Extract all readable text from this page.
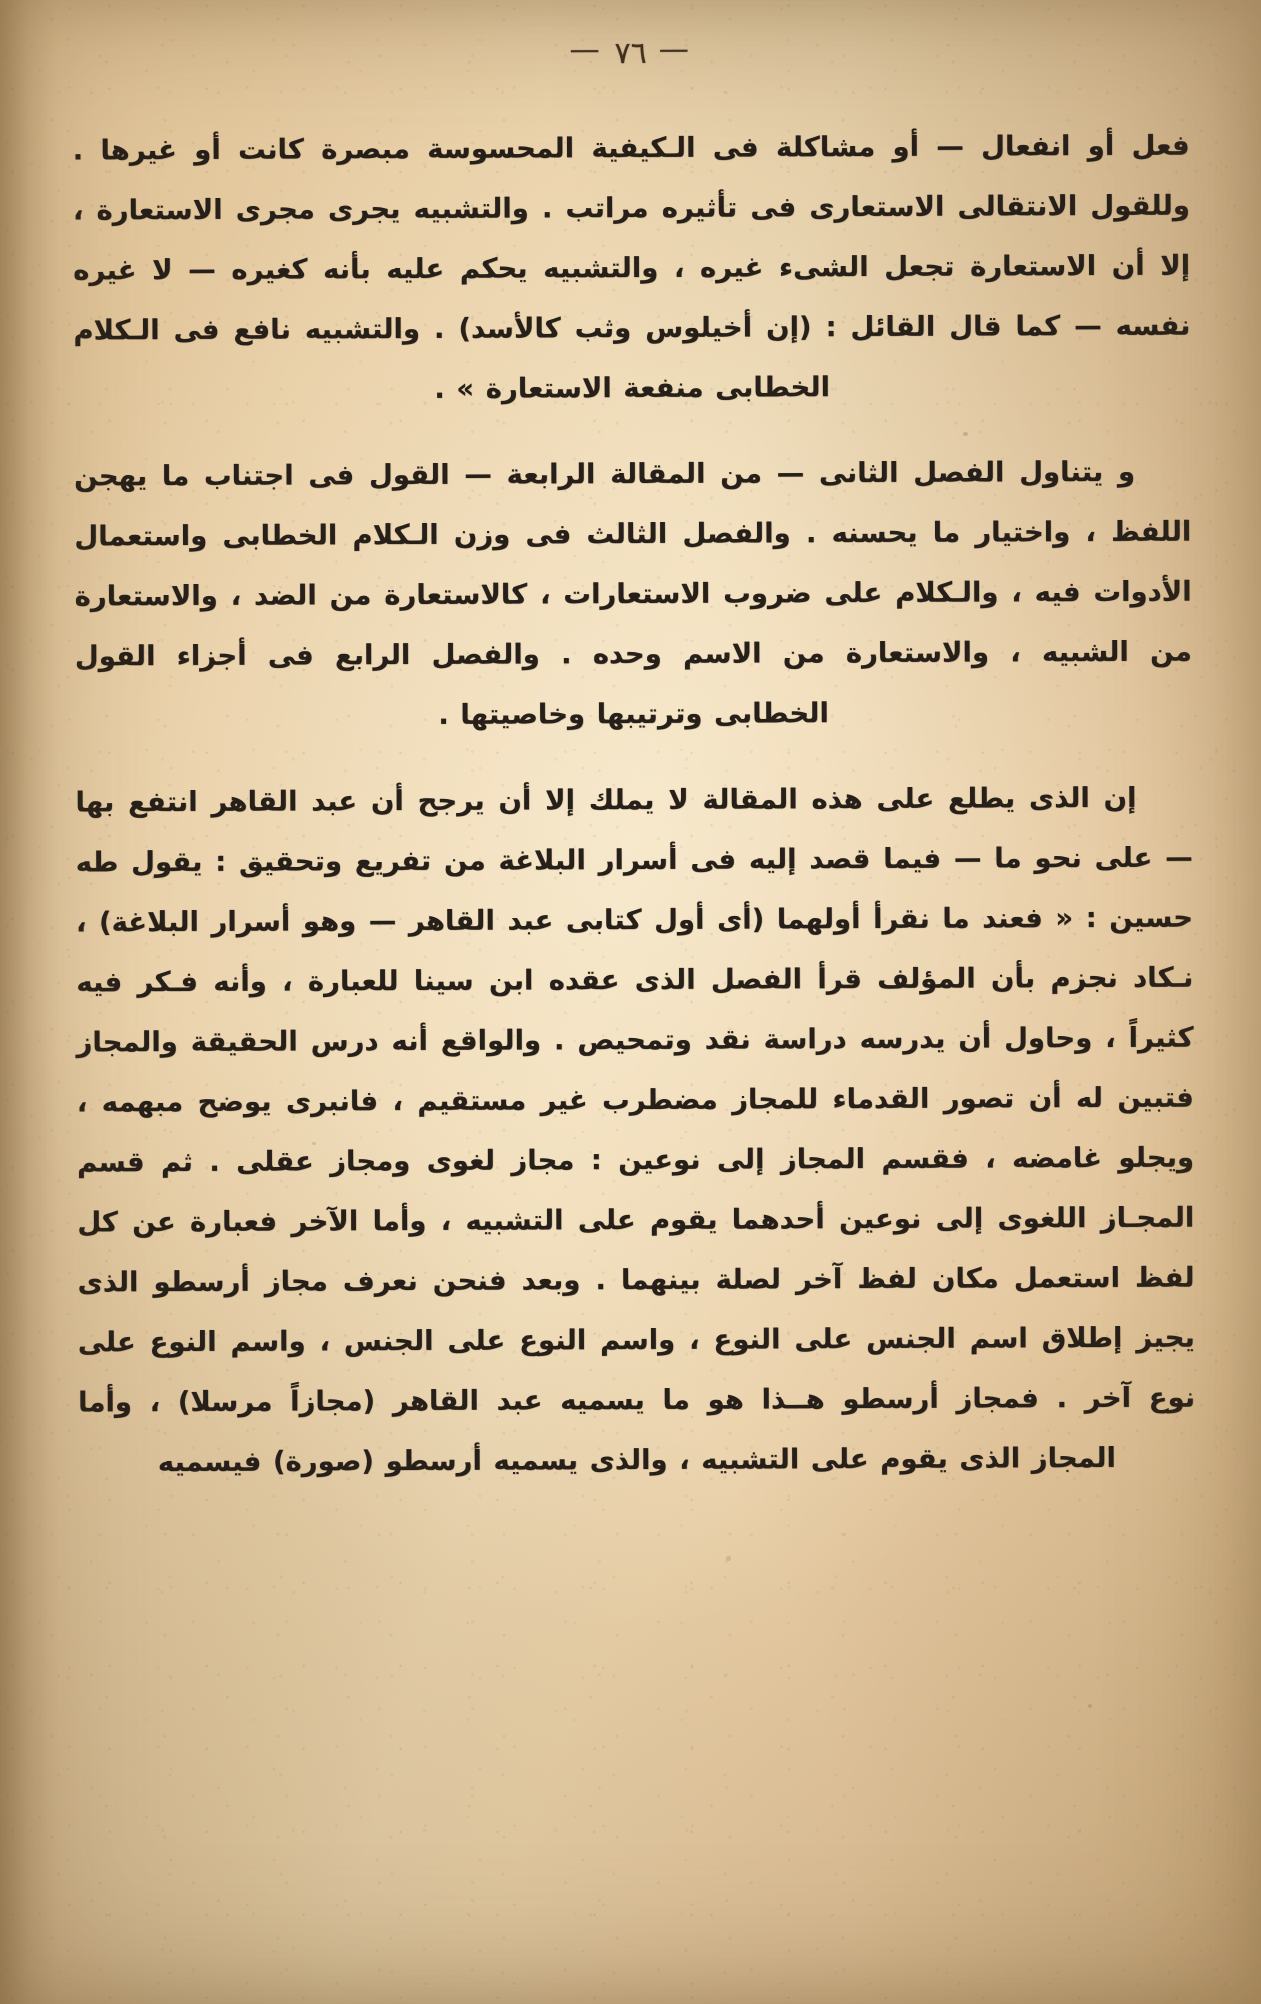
—٧٦—

فعل أو انفعال — أو مشاكلة فى الـكيفية المحسوسة مبصرة كانت أو غيرها . وللقول الانتقالى الاستعارى فى تأثيره مراتب . والتشبيه يجرى مجرى الاستعارة ، إلا أن الاستعارة تجعل الشىء غيره ، والتشبيه يحكم عليه بأنه كغيره — لا غيره نفسه — كما قال القائل : (إن أخيلوس وثب كالأسد) . والتشبيه نافع فى الـكلام الخطابى منفعة الاستعارة » .

و يتناول الفصل الثانى — من المقالة الرابعة — القول فى اجتناب ما يهجن اللفظ ، واختيار ما يحسنه . والفصل الثالث فى وزن الـكلام الخطابى واستعمال الأدوات فيه ، والـكلام على ضروب الاستعارات ، كالاستعارة من الضد ، والاستعارة من الشبيه ، والاستعارة من الاسم وحده . والفصل الرابع فى أجزاء القول الخطابى وترتيبها وخاصيتها .

إن الذى يطلع على هذه المقالة لا يملك إلا أن يرجح أن عبد القاهر انتفع بها — على نحو ما — فيما قصد إليه فى أسرار البلاغة من تفريع وتحقيق : يقول طه حسين : « فعند ما نقرأ أولهما (أى أول كتابى عبد القاهر — وهو أسرار البلاغة) ، نـكاد نجزم بأن المؤلف قرأ الفصل الذى عقده ابن سينا للعبارة ، وأنه فـكر فيه كثيراً ، وحاول أن يدرسه دراسة نقد وتمحيص . والواقع أنه درس الحقيقة والمجاز فتبين له أن تصور القدماء للمجاز مضطرب غير مستقيم ، فانبرى يوضح مبهمه ، ويجلو غامضه ، فقسم المجاز إلى نوعين : مجاز لغوى ومجاز عقلى . ثم قسم المجـاز اللغوى إلى نوعين أحدهما يقوم على التشبيه ، وأما الآخر فعبارة عن كل لفظ استعمل مكان لفظ آخر لصلة بينهما . وبعد فنحن نعرف مجاز أرسطو الذى يجيز إطلاق اسم الجنس على النوع ، واسم النوع على الجنس ، واسم النوع على نوع آخر . فمجاز أرسطو هــذا هو ما يسميه عبد القاهر (مجازاً مرسلا) ، وأما المجاز الذى يقوم على التشبيه ، والذى يسميه أرسطو (صورة) فيسميه
